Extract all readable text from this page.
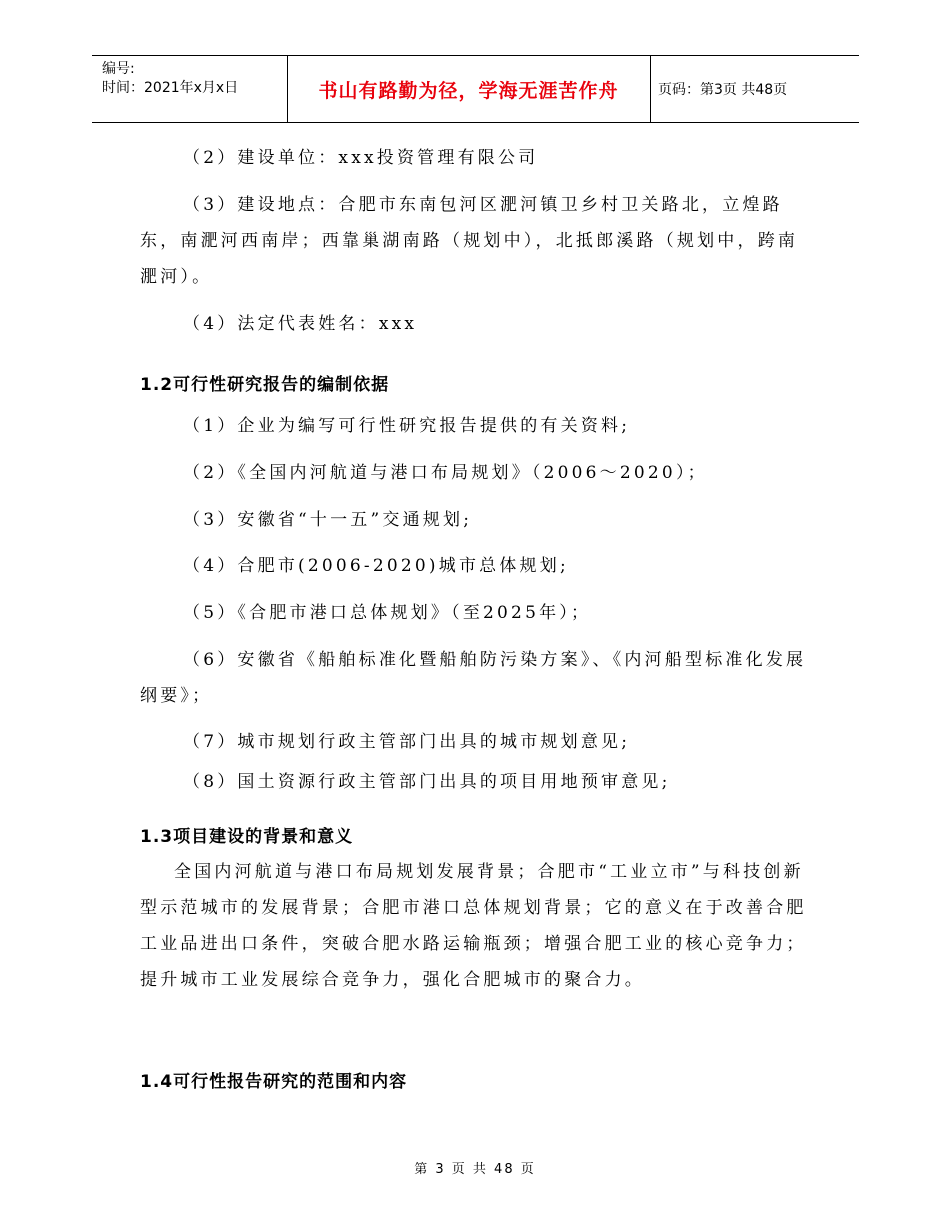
编号:
时间：2021年x月x日	书山有路勤为径，学海无涯苦作舟	页码：第3页 共48页
（2）建设单位：xxx投资管理有限公司
（3）建设地点：合肥市东南包河区淝河镇卫乡村卫关路北，立煌路东，南淝河西南岸；西靠巢湖南路（规划中），北抵郎溪路（规划中，跨南淝河）。
（4）法定代表姓名：xxx
1.2可行性研究报告的编制依据
（1）企业为编写可行性研究报告提供的有关资料;
（2）《全国内河航道与港口布局规划》（2006～2020）；
（3）安徽省“十一五”交通规划;
（4）合肥市(2006-2020)城市总体规划;
（5）《合肥市港口总体规划》（至2025年）；
（6）安徽省《船舶标准化暨船舶防污染方案》、《内河船型标准化发展纲要》；
（7）城市规划行政主管部门出具的城市规划意见;
（8）国土资源行政主管部门出具的项目用地预审意见;
1.3项目建设的背景和意义
全国内河航道与港口布局规划发展背景；合肥市“工业立市”与科技创新型示范城市的发展背景；合肥市港口总体规划背景；它的意义在于改善合肥工业品进出口条件，突破合肥水路运输瓶颈；增强合肥工业的核心竞争力；提升城市工业发展综合竞争力，强化合肥城市的聚合力。
1.4可行性报告研究的范围和内容
第 3 页 共 48 页
